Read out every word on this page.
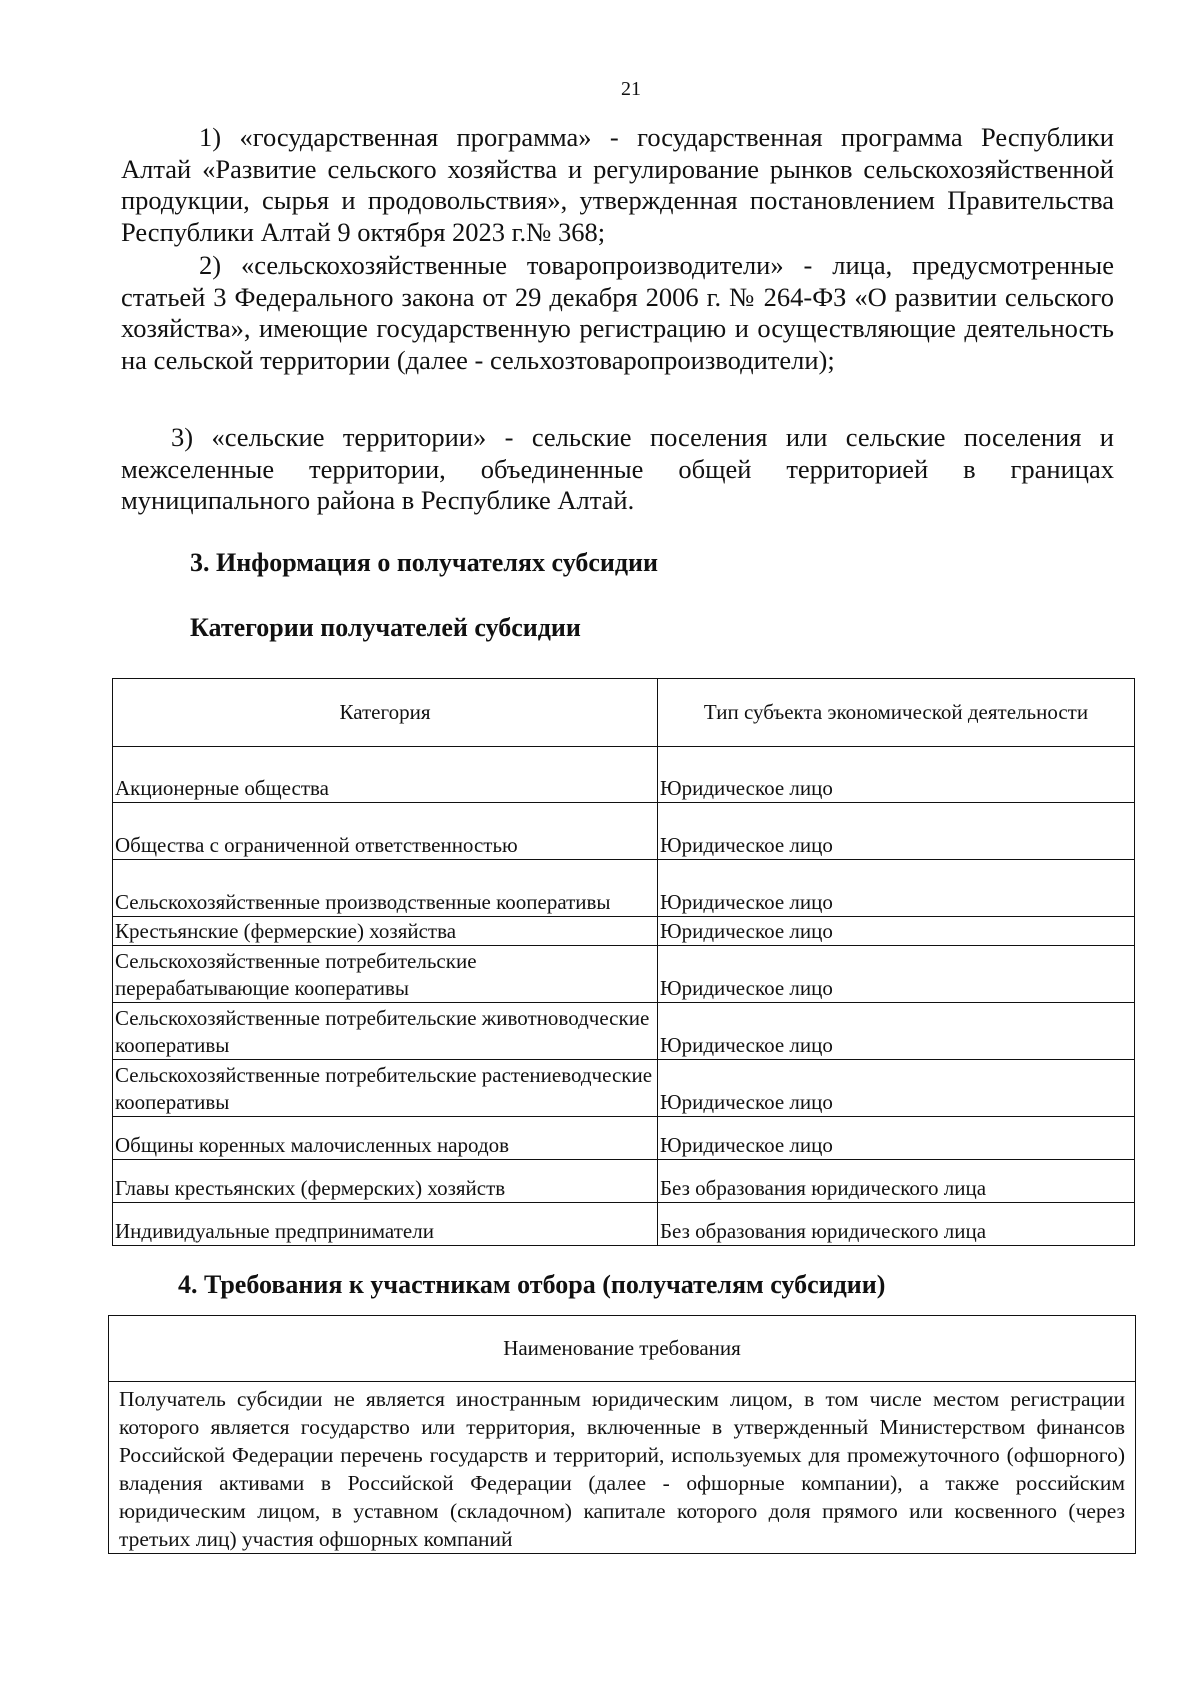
21

1) «государственная программа» - государственная программа Республики Алтай «Развитие сельского хозяйства и регулирование рынков сельскохозяйственной продукции, сырья и продовольствия», утвержденная постановлением Правительства Республики Алтай 9 октября 2023 г.№ 368;

2) «сельскохозяйственные товаропроизводители» - лица, предусмотренные статьей 3 Федерального закона от 29 декабря 2006 г. № 264-ФЗ «О развитии сельского хозяйства», имеющие государственную регистрацию и осуществляющие деятельность на сельской территории (далее - сельхозтоваропроизводители);

3) «сельские территории» - сельские поселения или сельские поселения и межселенные территории, объединенные общей территорией в границах муниципального района в Республике Алтай.

3. Информация о получателях субсидии
Категории получателей субсидии
Категория	Тип субъекта экономической деятельности
Акционерные общества	Юридическое лицо
Общества с ограниченной ответственностью	Юридическое лицо
Сельскохозяйственные производственные кооперативы	Юридическое лицо
Крестьянские (фермерские) хозяйства	Юридическое лицо
Сельскохозяйственные потребительские перерабатывающие кооперативы	Юридическое лицо
Сельскохозяйственные потребительские животноводческие кооперативы	Юридическое лицо
Сельскохозяйственные потребительские растениеводческие кооперативы	Юридическое лицо
Общины коренных малочисленных народов	Юридическое лицо
Главы крестьянских (фермерских) хозяйств	Без образования юридического лица
Индивидуальные предприниматели	Без образования юридического лица
4. Требования к участникам отбора (получателям субсидии)
Наименование требования
Получатель субсидии не является иностранным юридическим лицом, в том числе местом регистрации которого является государство или территория, включенные в утвержденный Министерством финансов Российской Федерации перечень государств и территорий, используемых для промежуточного (офшорного) владения активами в Российской Федерации (далее - офшорные компании), а также российским юридическим лицом, в уставном (складочном) капитале которого доля прямого или косвенного (через третьих лиц) участия офшорных компаний
